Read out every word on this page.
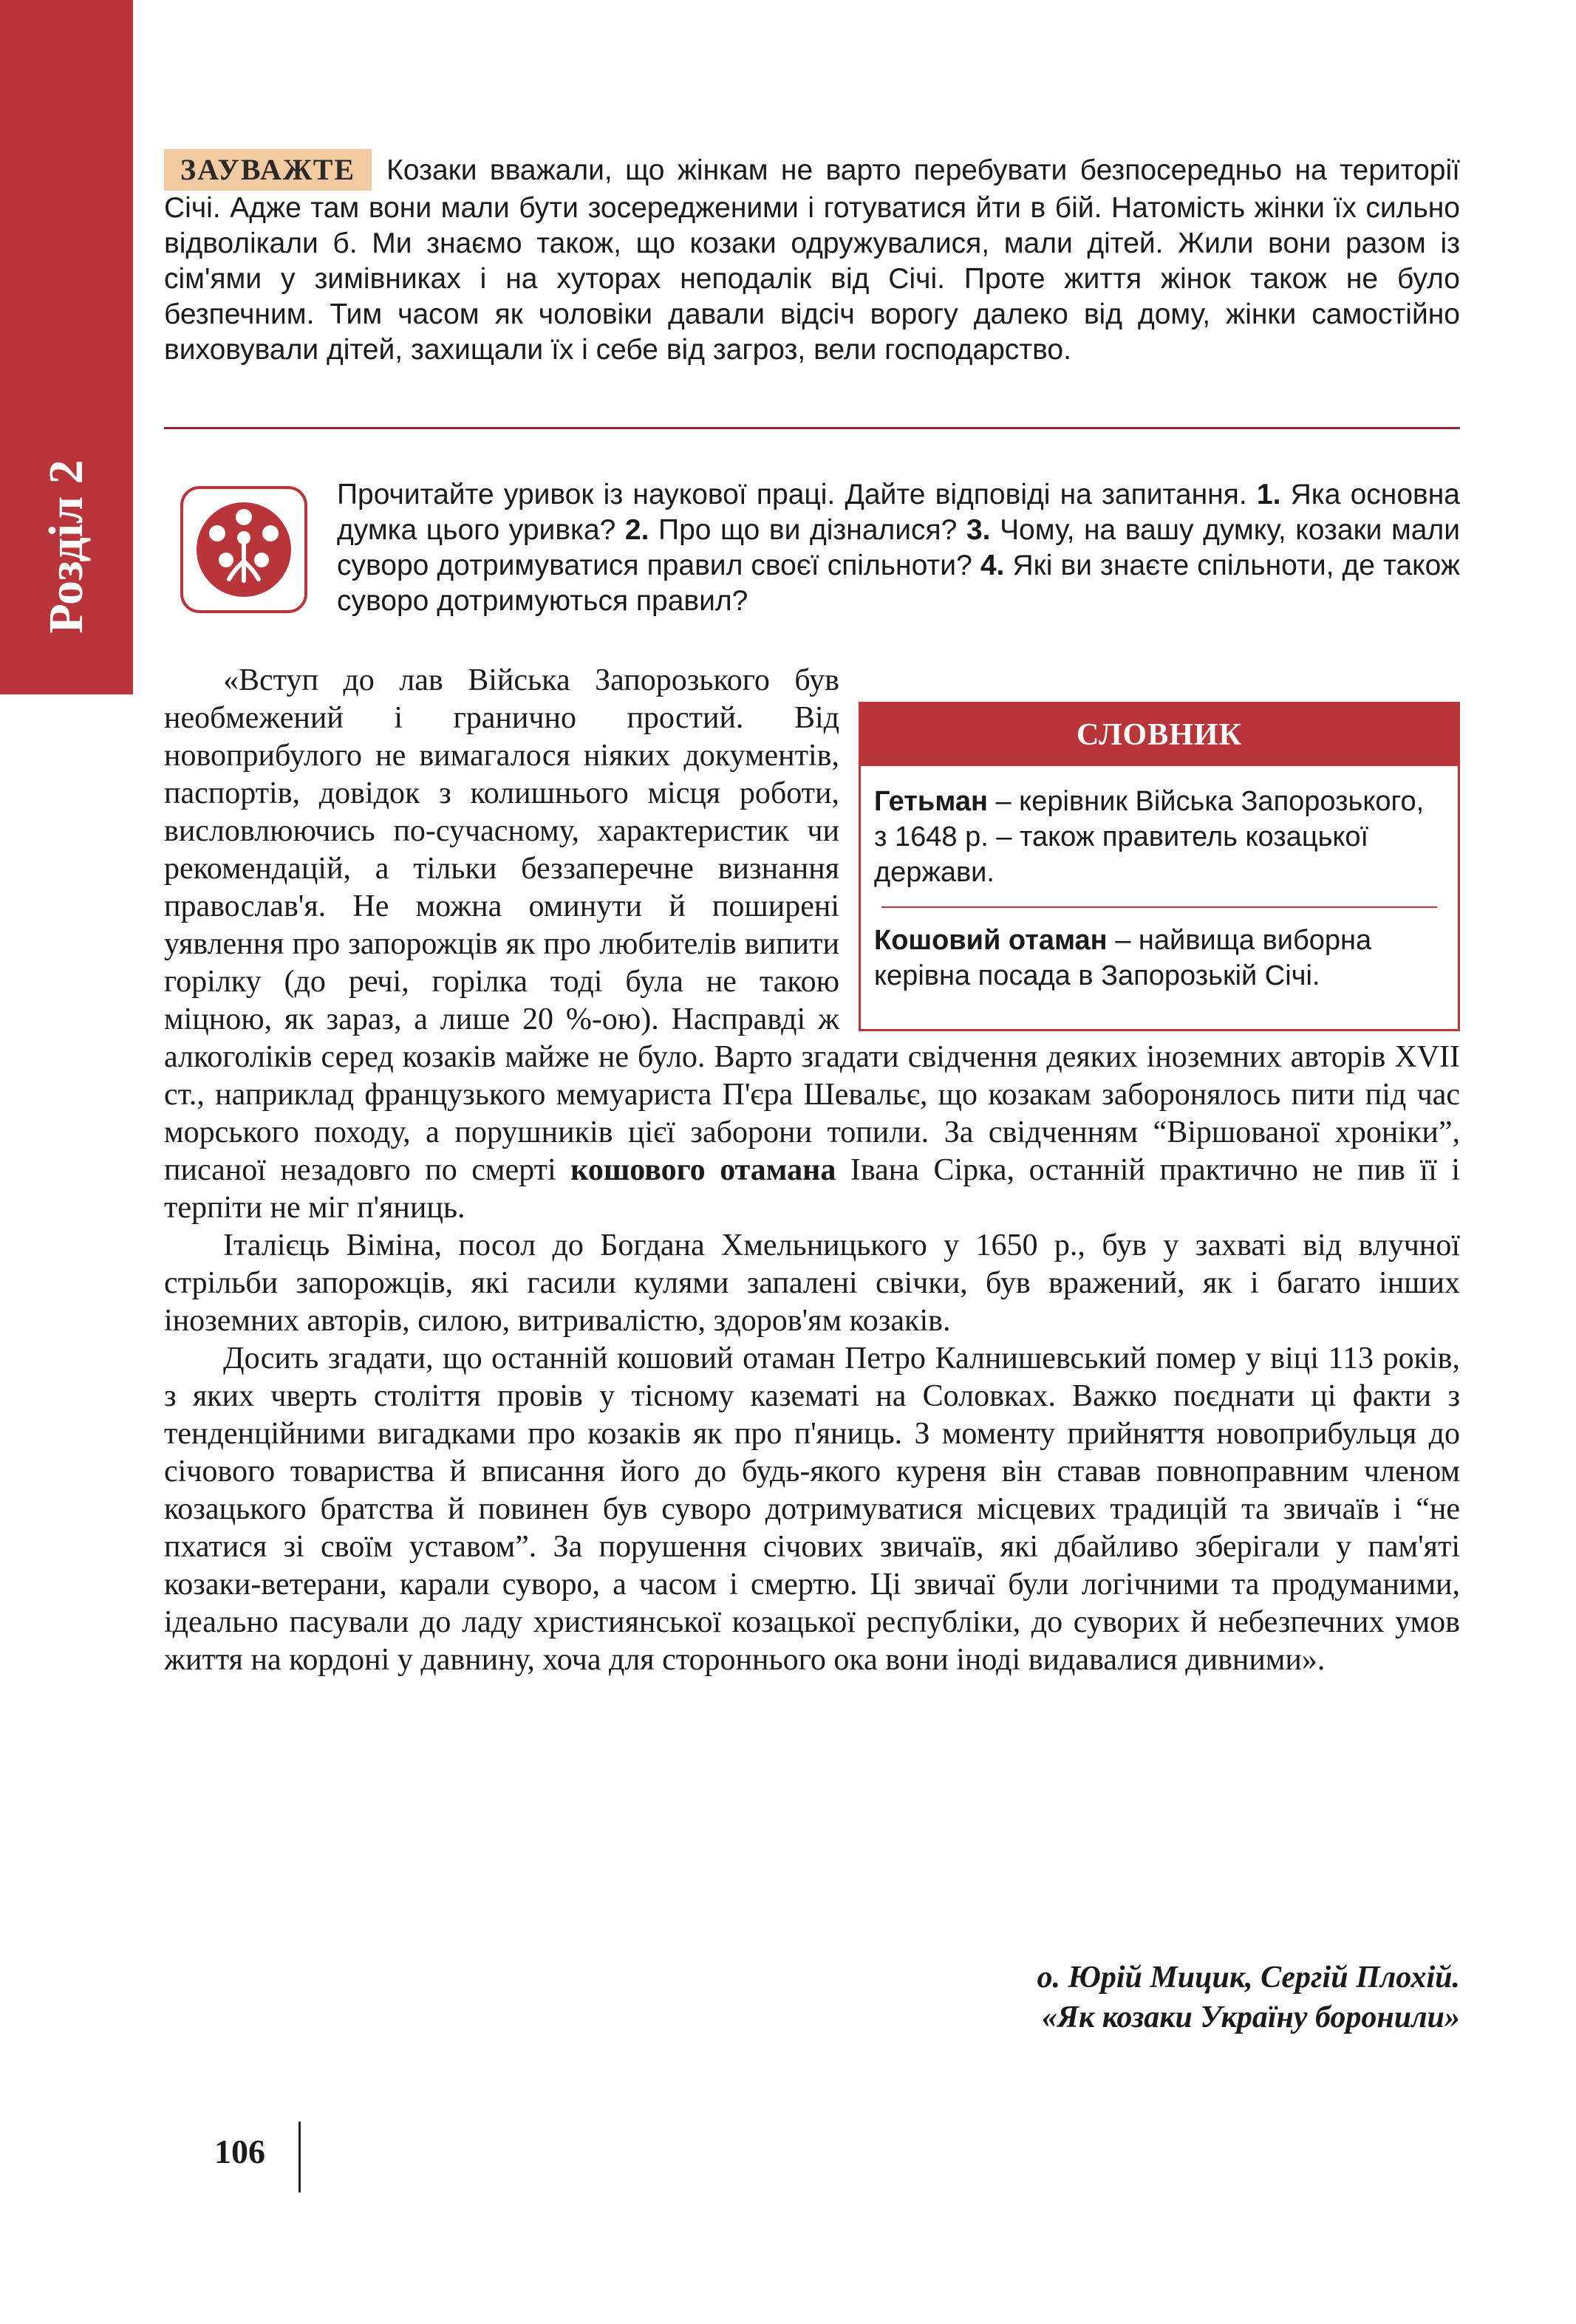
Розділ 2
ЗАУВАЖТЕ Козаки вважали, що жінкам не варто перебувати безпосередньо на території Січі. Адже там вони мали бути зосередженими і готуватися йти в бій. Натомість жінки їх сильно відволікали б. Ми знаємо також, що козаки одружувалися, мали дітей. Жили вони разом із сім'ями у зимівниках і на хуторах неподалік від Січі. Проте життя жінок також не було безпечним. Тим часом як чоловіки давали відсіч ворогу далеко від дому, жінки самостійно виховували дітей, захищали їх і себе від загроз, вели господарство.
Прочитайте уривок із наукової праці. Дайте відповіді на запитання. 1. Яка основна думка цього уривка? 2. Про що ви дізналися? 3. Чому, на вашу думку, козаки мали суворо дотримуватися правил своєї спільноти? 4. Які ви знаєте спільноти, де також суворо дотримуються правил?
СЛОВНИК
Гетьман – керівник Війська Запорозького, з 1648 р. – також правитель козацької держави.
Кошовий отаман – найвища виборна керівна посада в Запорозькій Січі.

«Вступ до лав Війська Запорозького був необмежений і гранично простий. Від новоприбулого не вимагалося ніяких документів, паспортів, довідок з колишнього місця роботи, висловлюючись по-сучасному, характеристик чи рекомендацій, а тільки беззаперечне визнання православ'я. Не можна оминути й поширені уявлення про запорожців як про любителів випити горілку (до речі, горілка тоді була не такою міцною, як зараз, а лише 20 %-ою). Насправді ж алкоголіків серед козаків майже не було. Варто згадати свідчення деяких іноземних авторів XVII ст., наприклад французького мемуариста П'єра Шевальє, що козакам заборонялось пити під час морського походу, а порушників цієї заборони топили. За свідченням “Віршованої хроніки”, писаної незадовго по смерті кошового отамана Івана Сірка, останній практично не пив її і терпіти не міг п'яниць.

Італієць Віміна, посол до Богдана Хмельницького у 1650 р., був у захваті від влучної стрільби запорожців, які гасили кулями запалені свічки, був вражений, як і багато інших іноземних авторів, силою, витривалістю, здоров'ям козаків.

Досить згадати, що останній кошовий отаман Петро Калнишевський помер у віці 113 років, з яких чверть століття провів у тісному казематі на Соловках. Важко поєднати ці факти з тенденційними вигадками про козаків як про п'яниць. З моменту прийняття новоприбульця до січового товариства й вписання його до будь-якого куреня він ставав повноправним членом козацького братства й повинен був суворо дотримуватися місцевих традицій та звичаїв і “не пхатися зі своїм уставом”. За порушення січових звичаїв, які дбайливо зберігали у пам'яті козаки-ветерани, карали суворо, а часом і смертю. Ці звичаї були логічними та продуманими, ідеально пасували до ладу християнської козацької республіки, до суворих й небезпечних умов життя на кордоні у давнину, хоча для стороннього ока вони іноді видавалися дивними».

о. Юрій Мицик, Сергій Плохій.
«Як козаки Україну боронили»
106
